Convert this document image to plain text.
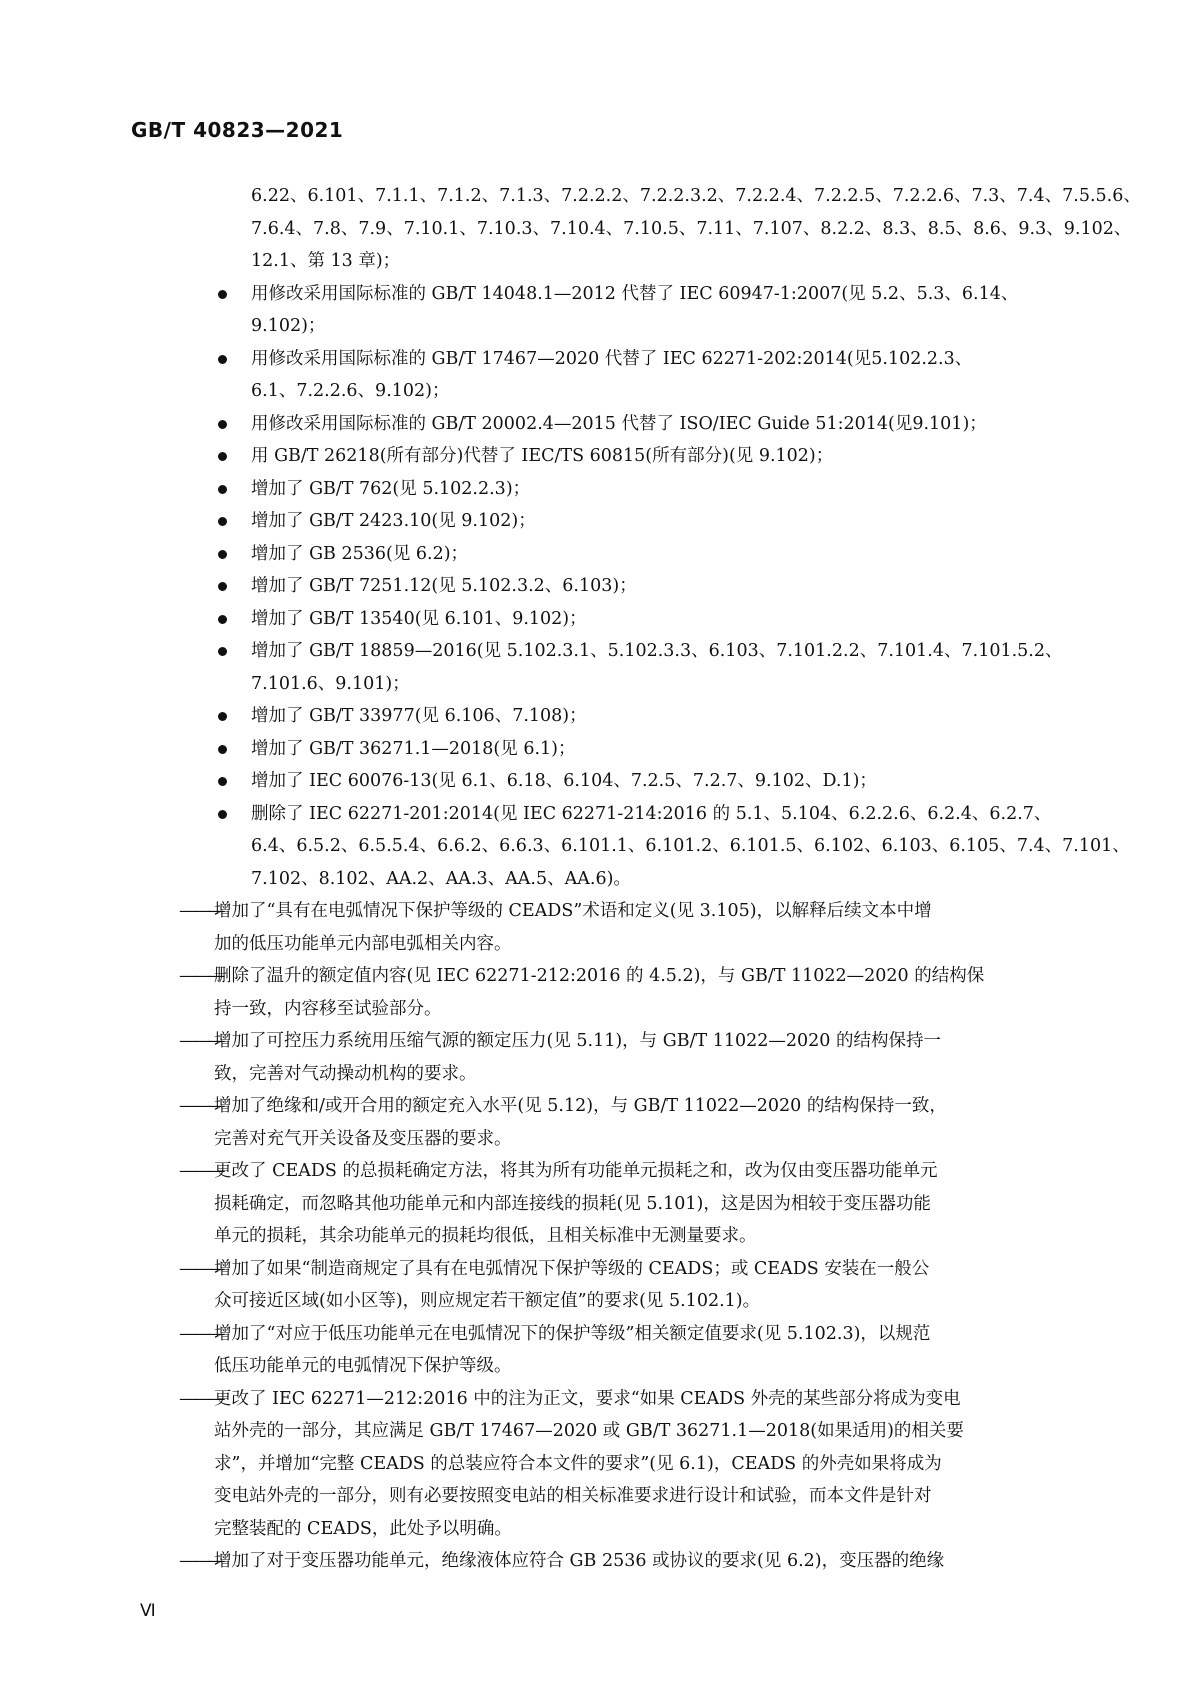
GB/T 40823—2021
6.22、6.101、7.1.1、7.1.2、7.1.3、7.2.2.2、7.2.2.3.2、7.2.2.4、7.2.2.5、7.2.2.6、7.3、7.4、7.5.5.6、
7.6.4、7.8、7.9、7.10.1、7.10.3、7.10.4、7.10.5、7.11、7.107、8.2.2、8.3、8.5、8.6、9.3、9.102、
12.1、第 13 章)；
用修改采用国际标准的 GB/T 14048.1—2012 代替了 IEC 60947-1:2007(见 5.2、5.3、6.14、
9.102)；
用修改采用国际标准的 GB/T 17467—2020 代替了 IEC 62271-202:2014(见5.102.2.3、
6.1、7.2.2.6、9.102)；
用修改采用国际标准的 GB/T 20002.4—2015 代替了 ISO/IEC Guide 51:2014(见9.101)；
用 GB/T 26218(所有部分)代替了 IEC/TS 60815(所有部分)(见 9.102)；
增加了 GB/T 762(见 5.102.2.3)；
增加了 GB/T 2423.10(见 9.102)；
增加了 GB 2536(见 6.2)；
增加了 GB/T 7251.12(见 5.102.3.2、6.103)；
增加了 GB/T 13540(见 6.101、9.102)；
增加了 GB/T 18859—2016(见 5.102.3.1、5.102.3.3、6.103、7.101.2.2、7.101.4、7.101.5.2、
7.101.6、9.101)；
增加了 GB/T 33977(见 6.106、7.108)；
增加了 GB/T 36271.1—2018(见 6.1)；
增加了 IEC 60076-13(见 6.1、6.18、6.104、7.2.5、7.2.7、9.102、D.1)；
删除了 IEC 62271-201:2014(见 IEC 62271-214:2016 的 5.1、5.104、6.2.2.6、6.2.4、6.2.7、
6.4、6.5.2、6.5.5.4、6.6.2、6.6.3、6.101.1、6.101.2、6.101.5、6.102、6.103、6.105、7.4、7.101、
7.102、8.102、AA.2、AA.3、AA.5、AA.6)。
———
增加了“具有在电弧情况下保护等级的 CEADS”术语和定义(见 3.105)，以解释后续文本中增
加的低压功能单元内部电弧相关内容。
———
删除了温升的额定值内容(见 IEC 62271-212:2016 的 4.5.2)，与 GB/T 11022—2020 的结构保
持一致，内容移至试验部分。
———
增加了可控压力系统用压缩气源的额定压力(见 5.11)，与 GB/T 11022—2020 的结构保持一
致，完善对气动操动机构的要求。
———
增加了绝缘和/或开合用的额定充入水平(见 5.12)，与 GB/T 11022—2020 的结构保持一致，
完善对充气开关设备及变压器的要求。
———
更改了 CEADS 的总损耗确定方法，将其为所有功能单元损耗之和，改为仅由变压器功能单元
损耗确定，而忽略其他功能单元和内部连接线的损耗(见 5.101)，这是因为相较于变压器功能
单元的损耗，其余功能单元的损耗均很低，且相关标准中无测量要求。
———
增加了如果“制造商规定了具有在电弧情况下保护等级的 CEADS；或 CEADS 安装在一般公
众可接近区域(如小区等)，则应规定若干额定值”的要求(见 5.102.1)。
———
增加了“对应于低压功能单元在电弧情况下的保护等级”相关额定值要求(见 5.102.3)，以规范
低压功能单元的电弧情况下保护等级。
———
更改了 IEC 62271—212:2016 中的注为正文，要求“如果 CEADS 外壳的某些部分将成为变电
站外壳的一部分，其应满足 GB/T 17467—2020 或 GB/T 36271.1—2018(如果适用)的相关要
求”，并增加“完整 CEADS 的总装应符合本文件的要求”(见 6.1)，CEADS 的外壳如果将成为
变电站外壳的一部分，则有必要按照变电站的相关标准要求进行设计和试验，而本文件是针对
完整装配的 CEADS，此处予以明确。
———
增加了对于变压器功能单元，绝缘液体应符合 GB 2536 或协议的要求(见 6.2)，变压器的绝缘
Ⅵ
